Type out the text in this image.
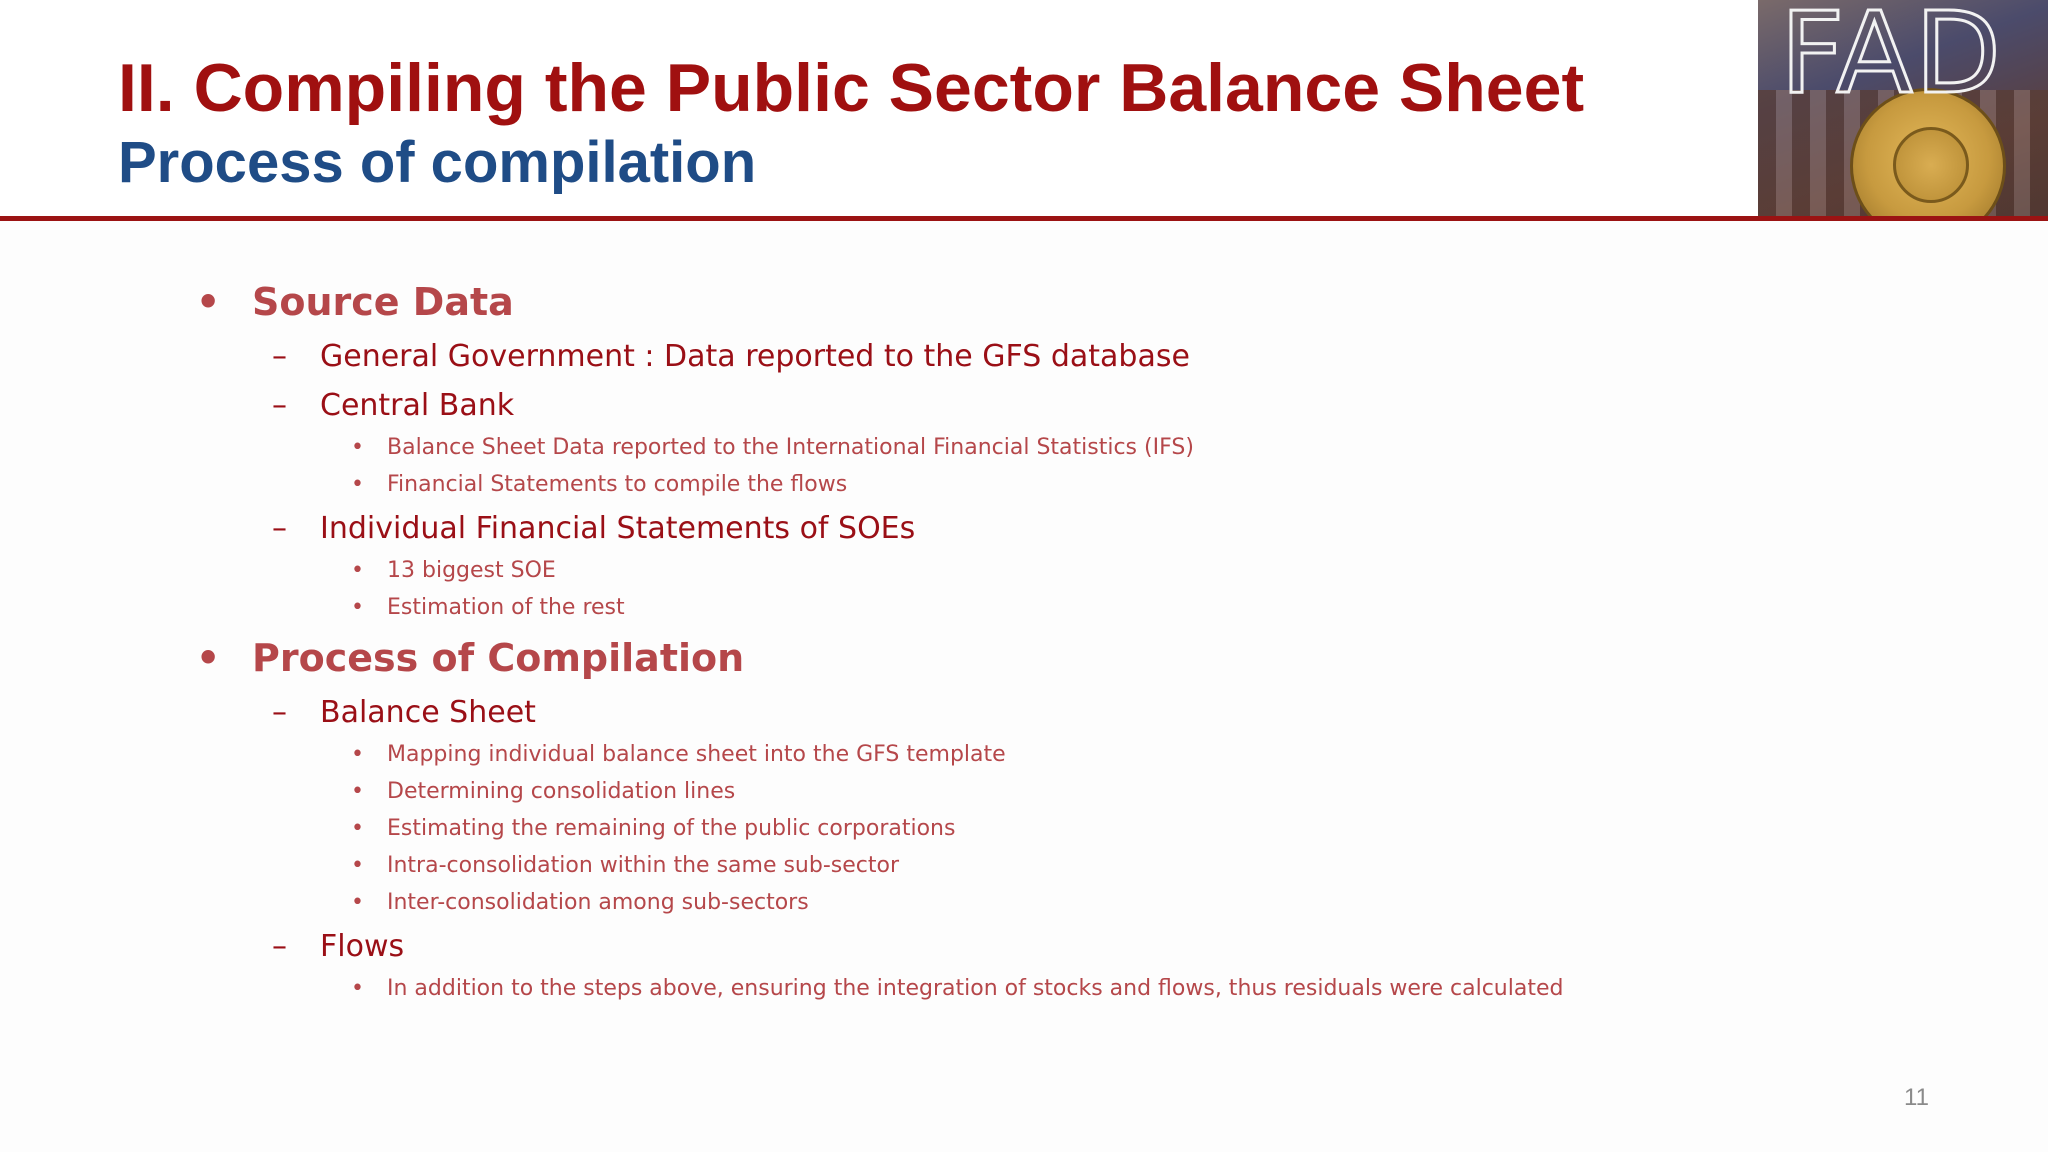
II. Compiling the Public Sector Balance Sheet
Process of compilation
FAD
• Source Data
– General Government : Data reported to the GFS database
– Central Bank
• Balance Sheet Data reported to the International Financial Statistics (IFS)
• Financial Statements to compile the flows
– Individual Financial Statements of SOEs
• 13 biggest SOE
• Estimation of the rest
• Process of Compilation
– Balance Sheet
• Mapping individual balance sheet into the GFS template
• Determining consolidation lines
• Estimating the remaining of the public corporations
• Intra-consolidation within the same sub-sector
• Inter-consolidation among sub-sectors
– Flows
• In addition to the steps above, ensuring the integration of stocks and flows, thus residuals were calculated
11
